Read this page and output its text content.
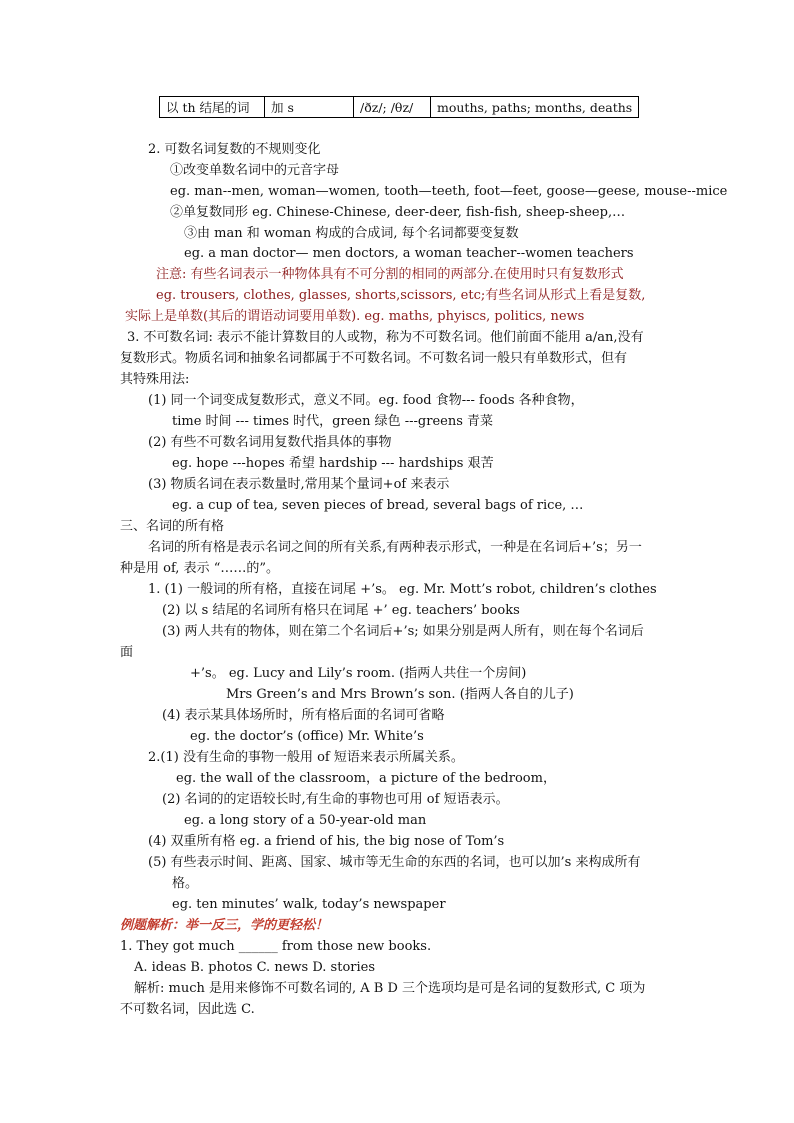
以 th 结尾的词	加 s	/ðz/; /θz/	mouths, paths; months, deaths
2. 可数名词复数的不规则变化
①改变单数名词中的元音字母
eg. man--men, woman—women, tooth—teeth, foot—feet, goose—geese, mouse--mice
②单复数同形 eg. Chinese-Chinese, deer-deer, fish-fish, sheep-sheep,…
③由 man 和 woman 构成的合成词, 每个名词都要变复数
eg. a man doctor— men doctors, a woman teacher--women teachers
注意: 有些名词表示一种物体具有不可分割的相同的两部分.在使用时只有复数形式
eg. trousers, clothes, glasses, shorts,scissors, etc;有些名词从形式上看是复数,
实际上是单数(其后的谓语动词要用单数). eg. maths, phyiscs, politics, news
3. 不可数名词: 表示不能计算数目的人或物，称为不可数名词。他们前面不能用 a/an,没有
复数形式。物质名词和抽象名词都属于不可数名词。不可数名词一般只有单数形式，但有
其特殊用法:
(1) 同一个词变成复数形式，意义不同。eg. food 食物--- foods 各种食物，
time 时间 --- times 时代，green 绿色 ---greens 青菜
(2) 有些不可数名词用复数代指具体的事物
eg. hope ---hopes 希望 hardship --- hardships 艰苦
(3) 物质名词在表示数量时,常用某个量词+of 来表示
eg. a cup of tea, seven pieces of bread, several bags of rice, …
三、名词的所有格
名词的所有格是表示名词之间的所有关系,有两种表示形式，一种是在名词后+’s；另一
种是用 of, 表示 “……的”。
1. (1) 一般词的所有格，直接在词尾 +’s。 eg. Mr. Mott’s robot, children’s clothes
(2) 以 s 结尾的名词所有格只在词尾 +’ eg. teachers’ books
(3) 两人共有的物体，则在第二个名词后+’s; 如果分别是两人所有，则在每个名词后
面
+’s。 eg. Lucy and Lily’s room. (指两人共住一个房间)
Mrs Green’s and Mrs Brown’s son. (指两人各自的儿子)
(4) 表示某具体场所时，所有格后面的名词可省略
eg. the doctor’s (office) Mr. White’s
2.(1) 没有生命的事物一般用 of 短语来表示所属关系。
eg. the wall of the classroom，a picture of the bedroom，
(2) 名词的的定语较长时,有生命的事物也可用 of 短语表示。
eg. a long story of a 50-year-old man
(4) 双重所有格 eg. a friend of his, the big nose of Tom’s
(5) 有些表示时间、距离、国家、城市等无生命的东西的名词，也可以加’s 来构成所有
格。
eg. ten minutes’ walk, today’s newspaper
例题解析：举一反三，学的更轻松！
1. They got much ______ from those new books.
A. ideas B. photos C. news D. stories
解析: much 是用来修饰不可数名词的, A B D 三个选项均是可是名词的复数形式, C 项为
不可数名词，因此选 C.
